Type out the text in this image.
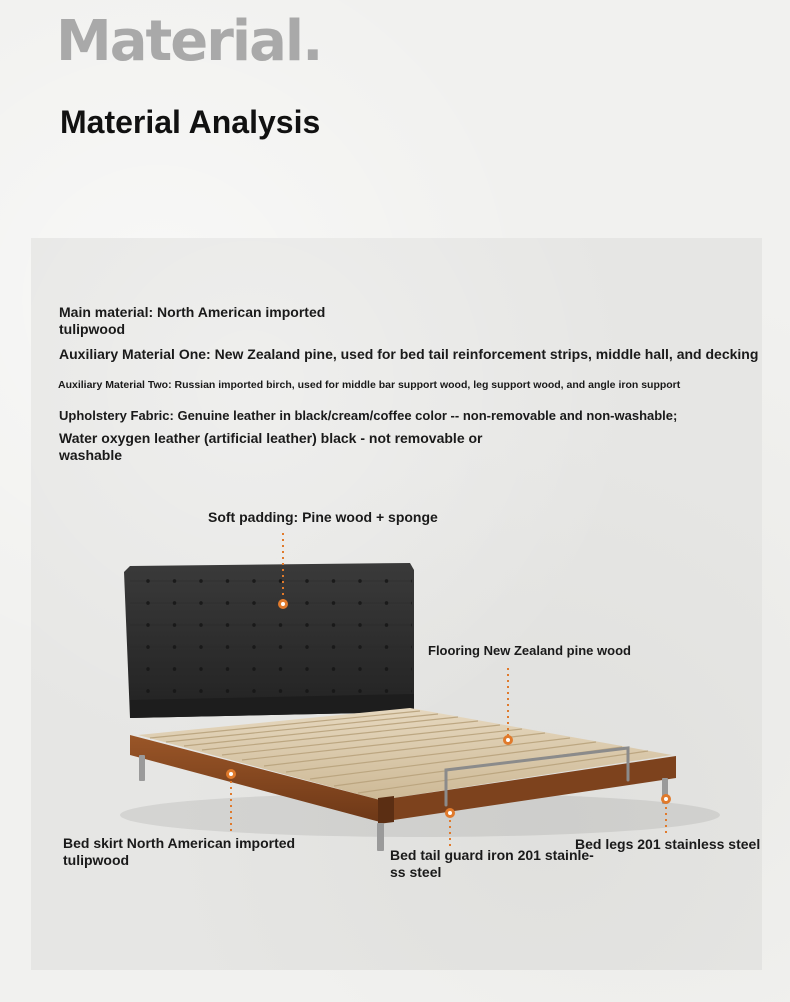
Material.
Material Analysis
Main material: North American imported tulipwood
Auxiliary Material One: New Zealand pine, used for bed tail reinforcement strips, middle hall, and decking
Auxiliary Material Two: Russian imported birch, used for middle bar support wood, leg support wood, and angle iron support
Upholstery Fabric: Genuine leather in black/cream/coffee color -- non-removable and non-washable;
Water oxygen leather (artificial leather) black - not removable or washable
Soft padding: Pine wood + sponge
Flooring New Zealand pine wood
Bed skirt North American imported tulipwood	Bed tail guard iron 201 stainle-ss steel
Bed legs 201 stainless steel
